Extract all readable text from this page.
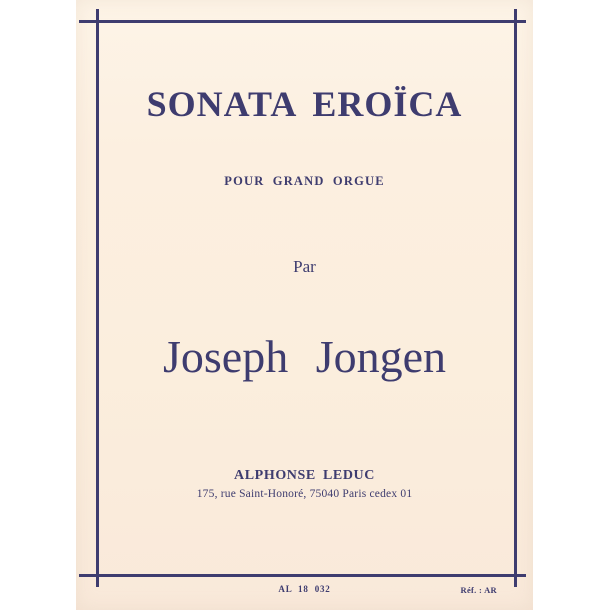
SONATA EROÏCA
POUR GRAND ORGUE
Par
Joseph Jongen
ALPHONSE LEDUC
175, rue Saint-Honoré, 75040 Paris cedex 01
AL 18 032	Réf. : AR
